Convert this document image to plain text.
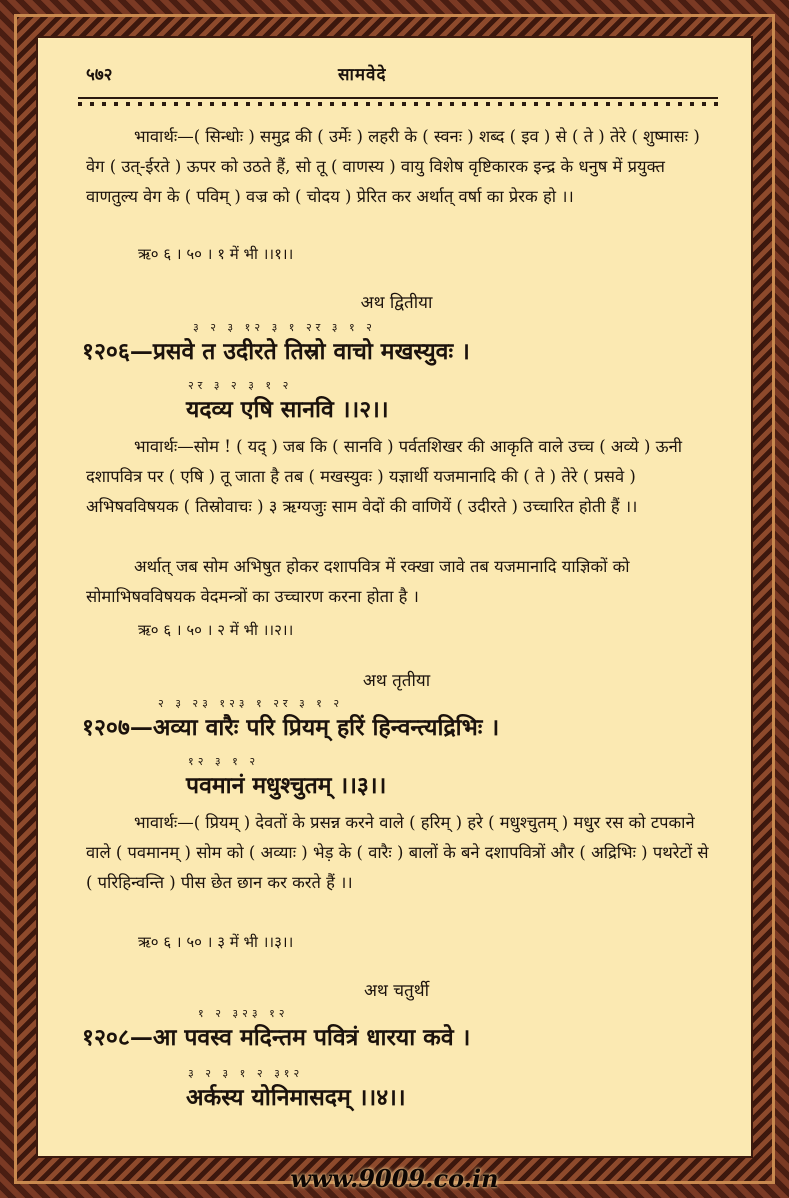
५७२	सामवेदे
भावार्थः—( सिन्धोः ) समुद्र की ( उर्मेः ) लहरी के ( स्वनः ) शब्द ( इव ) से ( ते ) तेरे ( शुष्मासः ) वेग ( उत्-ईरते ) ऊपर को उठते हैं, सो तू ( वाणस्य ) वायु विशेष वृष्टिकारक इन्द्र के धनुष में प्रयुक्त वाणतुल्य वेग के ( पविम् ) वज्र को ( चोदय ) प्रेरित कर अर्थात् वर्षा का प्रेरक हो ।।
ऋ० ६ । ५० । १ में भी ।।१।।
अथ द्वितीया
३ २ ३ १२ ३ १ २र ३ १ २
१२०६—प्रसवे त उदीरते तिस्रो वाचो मखस्युवः ।
२र ३ २ ३ १ २
यदव्य एषि सानवि ।।२।।
भावार्थः—सोम ! ( यद् ) जब कि ( सानवि ) पर्वतशिखर की आकृति वाले उच्च ( अव्ये ) ऊनी दशापवित्र पर ( एषि ) तू जाता है तब ( मखस्युवः ) यज्ञार्थी यजमानादि की ( ते ) तेरे ( प्रसवे ) अभिषवविषयक ( तिस्रोवाचः ) ३ ऋग्यजुः साम वेदों की वाणियें ( उदीरते ) उच्चारित होती हैं ।।
अर्थात् जब सोम अभिषुत होकर दशापवित्र में रक्खा जावे तब यजमानादि याज्ञिकों को सोमाभिषवविषयक वेदमन्त्रों का उच्चारण करना होता है ।
ऋ० ६ । ५० । २ में भी ।।२।।
अथ तृतीया
२ ३ २३ १२३ १ २र ३ १ २
१२०७—अव्या वारैः परि प्रियम् हरिं हिन्वन्त्यद्रिभिः ।
१२ ३ १ २
पवमानं मधुश्चुतम् ।।३।।
भावार्थः—( प्रियम् ) देवतों के प्रसन्न करने वाले ( हरिम् ) हरे ( मधुश्चुतम् ) मधुर रस को टपकाने वाले ( पवमानम् ) सोम को ( अव्याः ) भेड़ के ( वारैः ) बालों के बने दशापवित्रों और ( अद्रिभिः ) पथरेटों से ( परिहिन्वन्ति ) पीस छेत छान कर करते हैं ।।
ऋ० ६ । ५० । ३ में भी ।।३।।
अथ चतुर्थी
१ २ ३२३ १२
१२०८—आ पवस्व मदिन्तम पवित्रं धारया कवे ।
३ २ ३ १ २ ३१२
अर्कस्य योनिमासदम् ।।४।।
www.9009.co.in
